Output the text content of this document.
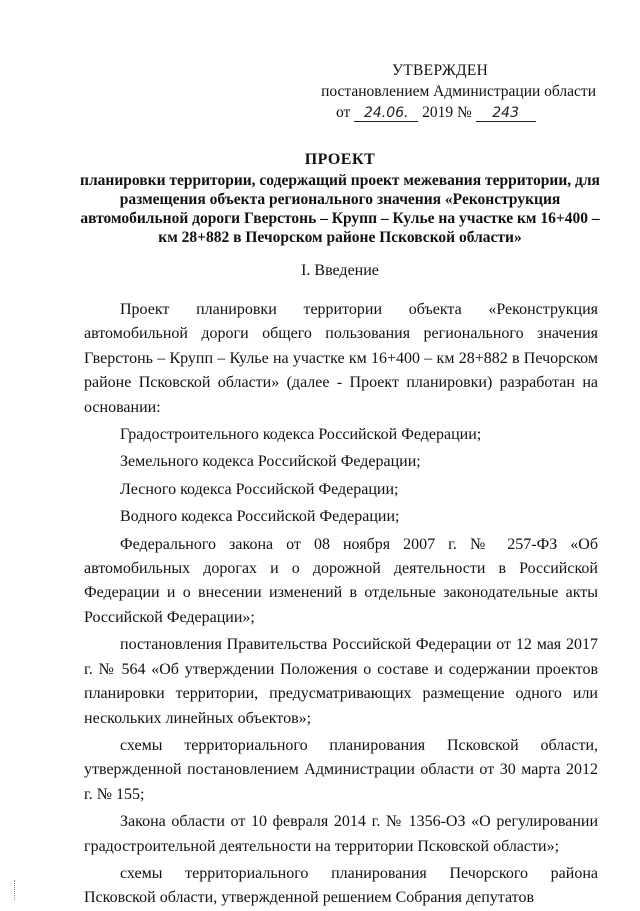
УТВЕРЖДЕН
постановлением Администрации области
от 24.06. 2019 № 243
ПРОЕКТ
планировки территории, содержащий проект межевания территории, для
размещения объекта регионального значения «Реконструкция
автомобильной дороги Гверстонь – Крупп – Кулье на участке км 16+400 –
км 28+882 в Печорском районе Псковской области»
I. Введение

Проект планировки территории объекта «Реконструкция автомобильной дороги общего пользования регионального значения Гверстонь – Крупп – Кулье на участке км 16+400 – км 28+882 в Печорском районе Псковской области» (далее - Проект планировки) разработан на основании:

Градостроительного кодекса Российской Федерации;

Земельного кодекса Российской Федерации;

Лесного кодекса Российской Федерации;

Водного кодекса Российской Федерации;

Федерального закона от 08 ноября 2007 г. № 257-ФЗ «Об автомобильных дорогах и о дорожной деятельности в Российской Федерации и о внесении изменений в отдельные законодательные акты Российской Федерации»;

постановления Правительства Российской Федерации от 12 мая 2017 г. № 564 «Об утверждении Положения о составе и содержании проектов планировки территории, предусматривающих размещение одного или нескольких линейных объектов»;

схемы территориального планирования Псковской области, утвержденной постановлением Администрации области от 30 марта 2012 г. № 155;

Закона области от 10 февраля 2014 г. № 1356-ОЗ «О регулировании градостроительной деятельности на территории Псковской области»;

схемы территориального планирования Печорского района Псковской области, утвержденной решением Собрания депутатов
